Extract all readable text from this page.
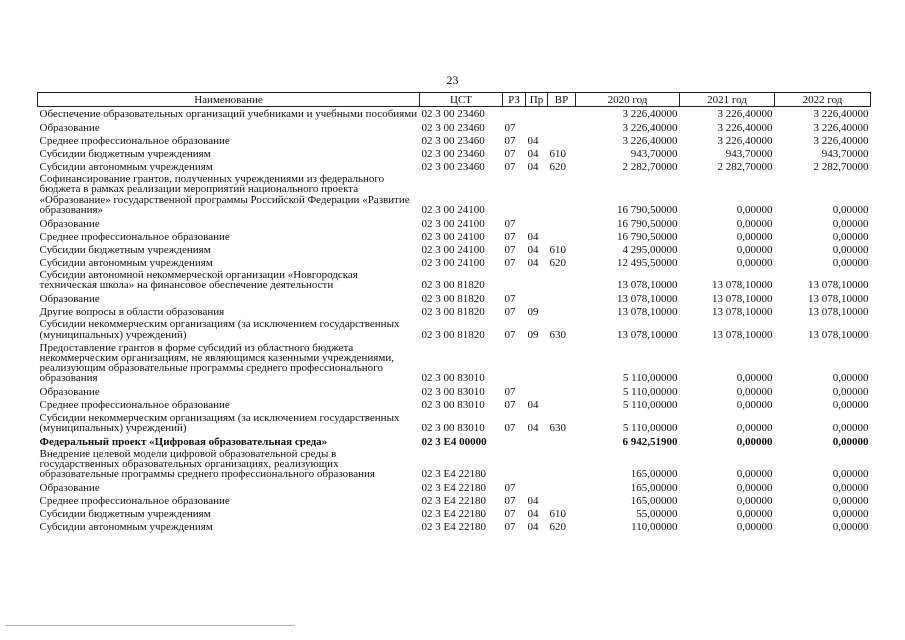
23
Наименование	ЦСТ	РЗ	Пр	ВР	2020 год	2021 год	2022 год
Обеспечение образовательных организаций учебниками и учебными пособиями	02 3 00 23460				3 226,40000	3 226,40000	3 226,40000
Образование	02 3 00 23460	07			3 226,40000	3 226,40000	3 226,40000
Среднее профессиональное образование	02 3 00 23460	07	04		3 226,40000	3 226,40000	3 226,40000
Субсидии бюджетным учреждениям	02 3 00 23460	07	04	610	943,70000	943,70000	943,70000
Субсидии автономным учреждениям	02 3 00 23460	07	04	620	2 282,70000	2 282,70000	2 282,70000
Софинансирование грантов, полученных учреждениями из федерального бюджета в рамках реализации мероприятий национального проекта «Образование» государственной программы Российской Федерации «Развитие образования»	02 3 00 24100				16 790,50000	0,00000	0,00000
Образование	02 3 00 24100	07			16 790,50000	0,00000	0,00000
Среднее профессиональное образование	02 3 00 24100	07	04		16 790,50000	0,00000	0,00000
Субсидии бюджетным учреждениям	02 3 00 24100	07	04	610	4 295,00000	0,00000	0,00000
Субсидии автономным учреждениям	02 3 00 24100	07	04	620	12 495,50000	0,00000	0,00000
Субсидии автономной некоммерческой организации «Новгородская техническая школа» на финансовое обеспечение деятельности	02 3 00 81820				13 078,10000	13 078,10000	13 078,10000
Образование	02 3 00 81820	07			13 078,10000	13 078,10000	13 078,10000
Другие вопросы в области образования	02 3 00 81820	07	09		13 078,10000	13 078,10000	13 078,10000
Субсидии некоммерческим организациям (за исключением государственных (муниципальных) учреждений)	02 3 00 81820	07	09	630	13 078,10000	13 078,10000	13 078,10000
Предоставление грантов в форме субсидий из областного бюджета некоммерческим организациям, не являющимся казенными учреждениями, реализующим образовательные программы среднего профессионального образования	02 3 00 83010				5 110,00000	0,00000	0,00000
Образование	02 3 00 83010	07			5 110,00000	0,00000	0,00000
Среднее профессиональное образование	02 3 00 83010	07	04		5 110,00000	0,00000	0,00000
Субсидии некоммерческим организациям (за исключением государственных (муниципальных) учреждений)	02 3 00 83010	07	04	630	5 110,00000	0,00000	0,00000
Федеральный проект «Цифровая образовательная среда»	02 3 E4 00000				6 942,51900	0,00000	0,00000
Внедрение целевой модели цифровой образовательной среды в государственных образовательных организациях, реализующих образовательные программы среднего профессионального образования	02 3 E4 22180				165,00000	0,00000	0,00000
Образование	02 3 E4 22180	07			165,00000	0,00000	0,00000
Среднее профессиональное образование	02 3 E4 22180	07	04		165,00000	0,00000	0,00000
Субсидии бюджетным учреждениям	02 3 E4 22180	07	04	610	55,00000	0,00000	0,00000
Субсидии автономным учреждениям	02 3 E4 22180	07	04	620	110,00000	0,00000	0,00000
